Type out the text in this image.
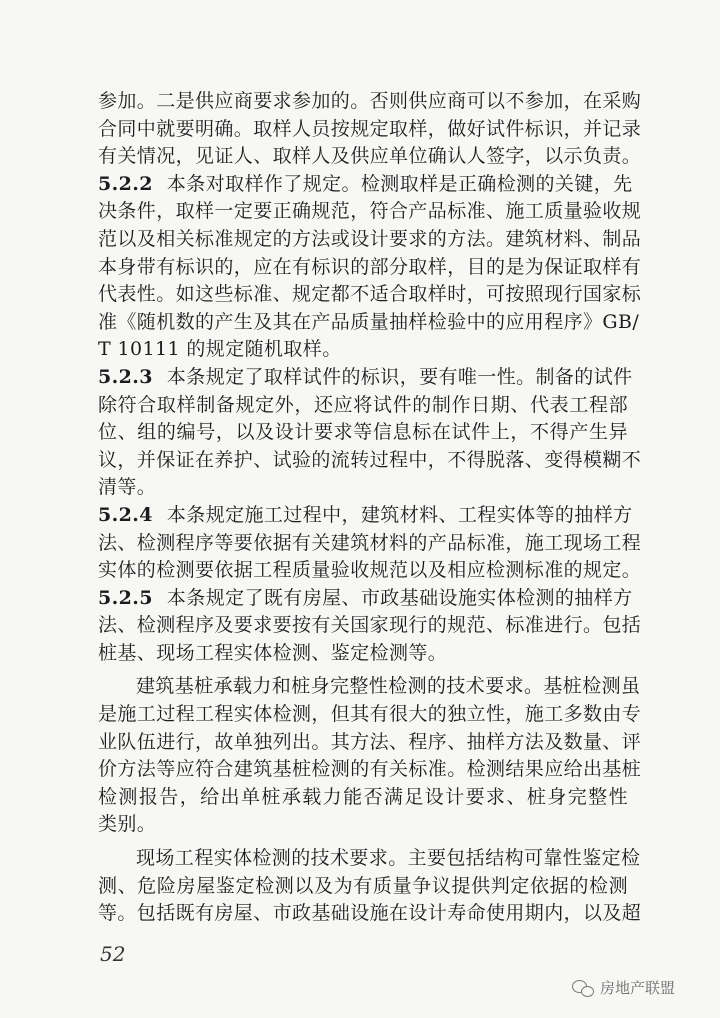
参加。二是供应商要求参加的。否则供应商可以不参加，在采购
合同中就要明确。取样人员按规定取样，做好试件标识，并记录
有关情况，见证人、取样人及供应单位确认人签字，以示负责。
5.2.2 本条对取样作了规定。检测取样是正确检测的关键，先
决条件，取样一定要正确规范，符合产品标准、施工质量验收规
范以及相关标准规定的方法或设计要求的方法。建筑材料、制品
本身带有标识的，应在有标识的部分取样，目的是为保证取样有
代表性。如这些标准、规定都不适合取样时，可按照现行国家标
准《随机数的产生及其在产品质量抽样检验中的应用程序》GB/
T 10111 的规定随机取样。
5.2.3 本条规定了取样试件的标识，要有唯一性。制备的试件
除符合取样制备规定外，还应将试件的制作日期、代表工程部
位、组的编号，以及设计要求等信息标在试件上，不得产生异
议，并保证在养护、试验的流转过程中，不得脱落、变得模糊不
清等。
5.2.4 本条规定施工过程中，建筑材料、工程实体等的抽样方
法、检测程序等要依据有关建筑材料的产品标准，施工现场工程
实体的检测要依据工程质量验收规范以及相应检测标准的规定。
5.2.5 本条规定了既有房屋、市政基础设施实体检测的抽样方
法、检测程序及要求要按有关国家现行的规范、标准进行。包括
桩基、现场工程实体检测、鉴定检测等。
建筑基桩承载力和桩身完整性检测的技术要求。基桩检测虽
是施工过程工程实体检测，但其有很大的独立性，施工多数由专
业队伍进行，故单独列出。其方法、程序、抽样方法及数量、评
价方法等应符合建筑基桩检测的有关标准。检测结果应给出基桩
检测报告，给出单桩承载力能否满足设计要求、桩身完整性
类别。
现场工程实体检测的技术要求。主要包括结构可靠性鉴定检
测、危险房屋鉴定检测以及为有质量争议提供判定依据的检测
等。包括既有房屋、市政基础设施在设计寿命使用期内，以及超
52
房地产联盟
